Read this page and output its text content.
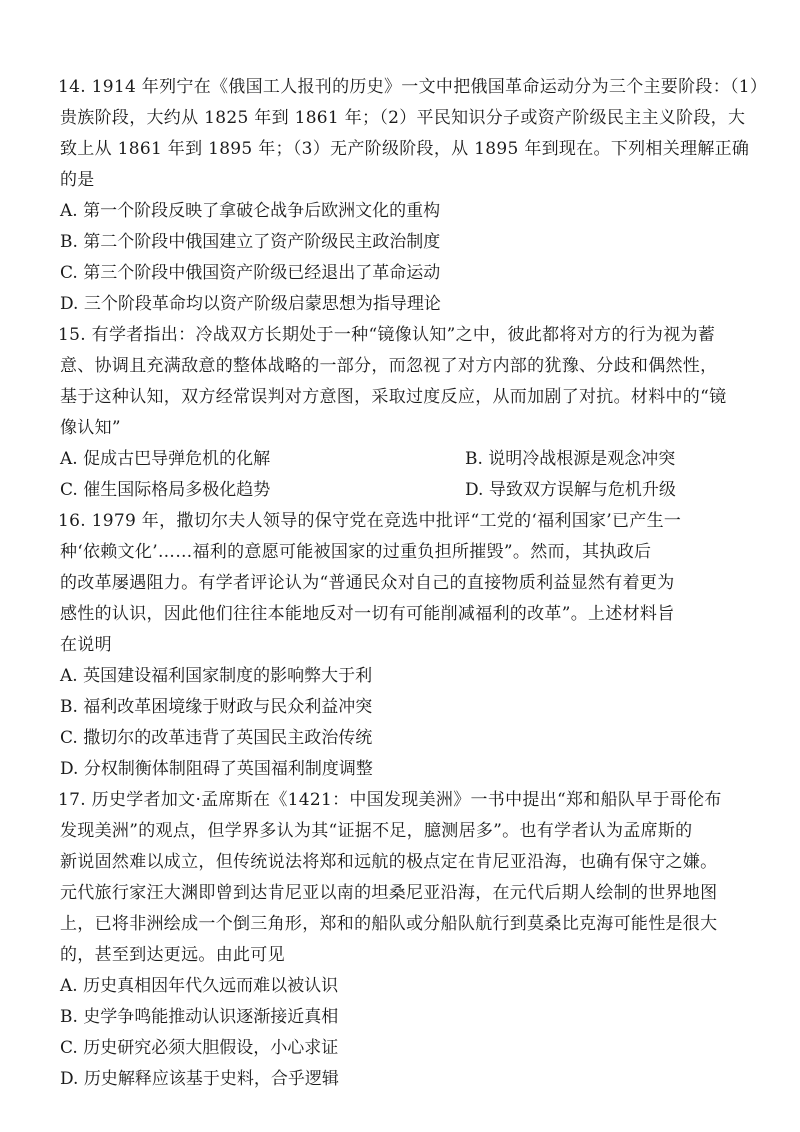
14. 1914 年列宁在《俄国工人报刊的历史》一文中把俄国革命运动分为三个主要阶段：（1）
贵族阶段，大约从 1825 年到 1861 年；（2）平民知识分子或资产阶级民主主义阶段，大
致上从 1861 年到 1895 年；（3）无产阶级阶段，从 1895 年到现在。下列相关理解正确
的是
A. 第一个阶段反映了拿破仑战争后欧洲文化的重构
B. 第二个阶段中俄国建立了资产阶级民主政治制度
C. 第三个阶段中俄国资产阶级已经退出了革命运动
D. 三个阶段革命均以资产阶级启蒙思想为指导理论
15. 有学者指出：冷战双方长期处于一种“镜像认知”之中，彼此都将对方的行为视为蓄
意、协调且充满敌意的整体战略的一部分，而忽视了对方内部的犹豫、分歧和偶然性，
基于这种认知，双方经常误判对方意图，采取过度反应，从而加剧了对抗。材料中的“镜
像认知”
A. 促成古巴导弹危机的化解	B. 说明冷战根源是观念冲突
C. 催生国际格局多极化趋势	D. 导致双方误解与危机升级
16. 1979 年，撒切尔夫人领导的保守党在竞选中批评“工党的‘福利国家’已产生一
种‘依赖文化’……福利的意愿可能被国家的过重负担所摧毁”。然而，其执政后
的改革屡遇阻力。有学者评论认为“普通民众对自己的直接物质利益显然有着更为
感性的认识，因此他们往往本能地反对一切有可能削减福利的改革”。上述材料旨
在说明
A. 英国建设福利国家制度的影响弊大于利
B. 福利改革困境缘于财政与民众利益冲突
C. 撒切尔的改革违背了英国民主政治传统
D. 分权制衡体制阻碍了英国福利制度调整
17. 历史学者加文·孟席斯在《1421：中国发现美洲》一书中提出“郑和船队早于哥伦布
发现美洲”的观点，但学界多认为其“证据不足，臆测居多”。也有学者认为孟席斯的
新说固然难以成立，但传统说法将郑和远航的极点定在肯尼亚沿海，也确有保守之嫌。
元代旅行家汪大渊即曾到达肯尼亚以南的坦桑尼亚沿海，在元代后期人绘制的世界地图
上，已将非洲绘成一个倒三角形，郑和的船队或分船队航行到莫桑比克海可能性是很大
的，甚至到达更远。由此可见
A. 历史真相因年代久远而难以被认识
B. 史学争鸣能推动认识逐渐接近真相
C. 历史研究必须大胆假设，小心求证
D. 历史解释应该基于史料，合乎逻辑
